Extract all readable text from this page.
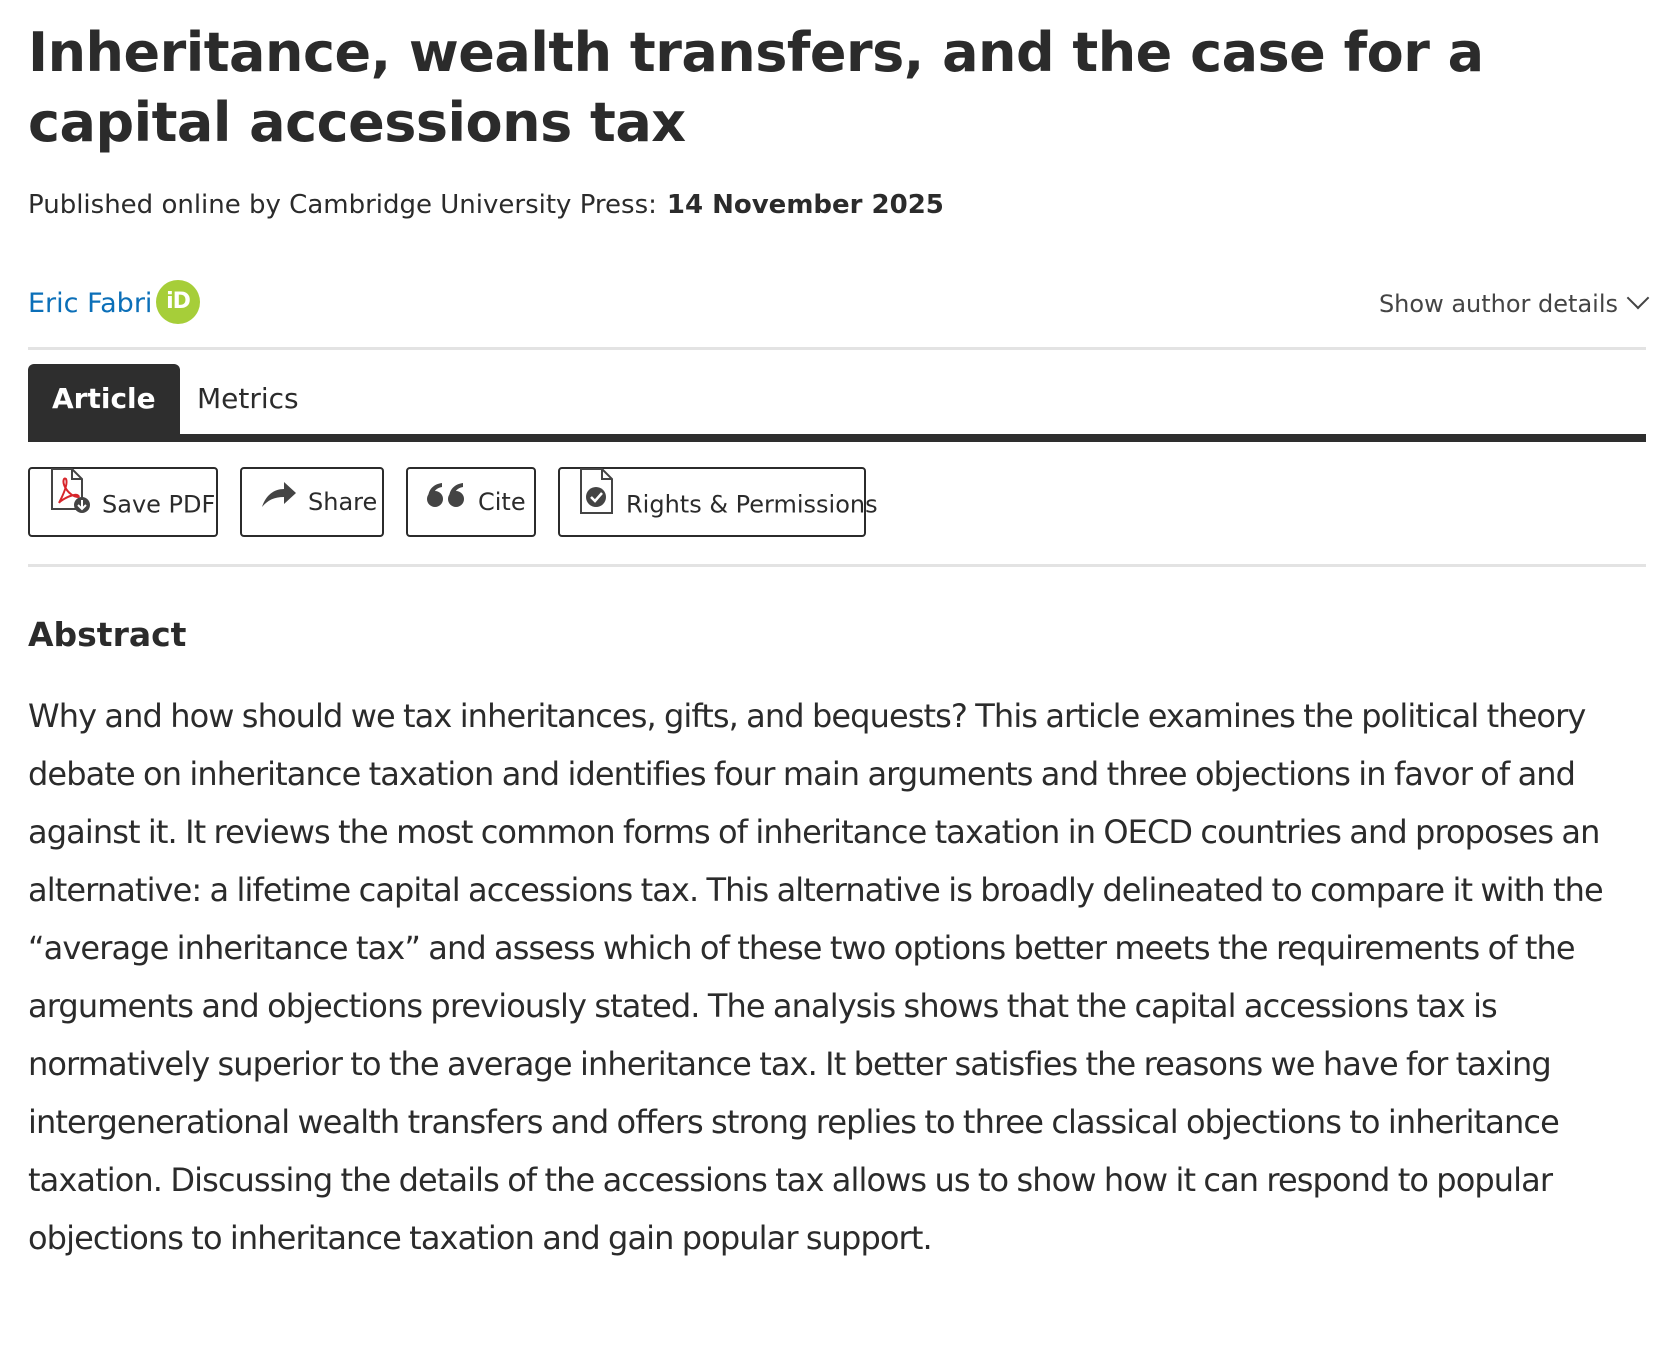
Inheritance, wealth transfers, and the case for a capital accessions tax
Published online by Cambridge University Press: 14 November 2025
Eric Fabri iD	Show author details
Article	Metrics
Save PDF	Share	Cite	Rights & Permissions
Abstract

Why and how should we tax inheritances, gifts, and bequests? This article examines the political theory debate on inheritance taxation and identifies four main arguments and three objections in favor of and against it. It reviews the most common forms of inheritance taxation in OECD countries and proposes an alternative: a lifetime capital accessions tax. This alternative is broadly delineated to compare it with the “average inheritance tax” and assess which of these two options better meets the requirements of the arguments and objections previously stated. The analysis shows that the capital accessions tax is normatively superior to the average inheritance tax. It better satisfies the reasons we have for taxing intergenerational wealth transfers and offers strong replies to three classical objections to inheritance taxation. Discussing the details of the accessions tax allows us to show how it can respond to popular objections to inheritance taxation and gain popular support.
